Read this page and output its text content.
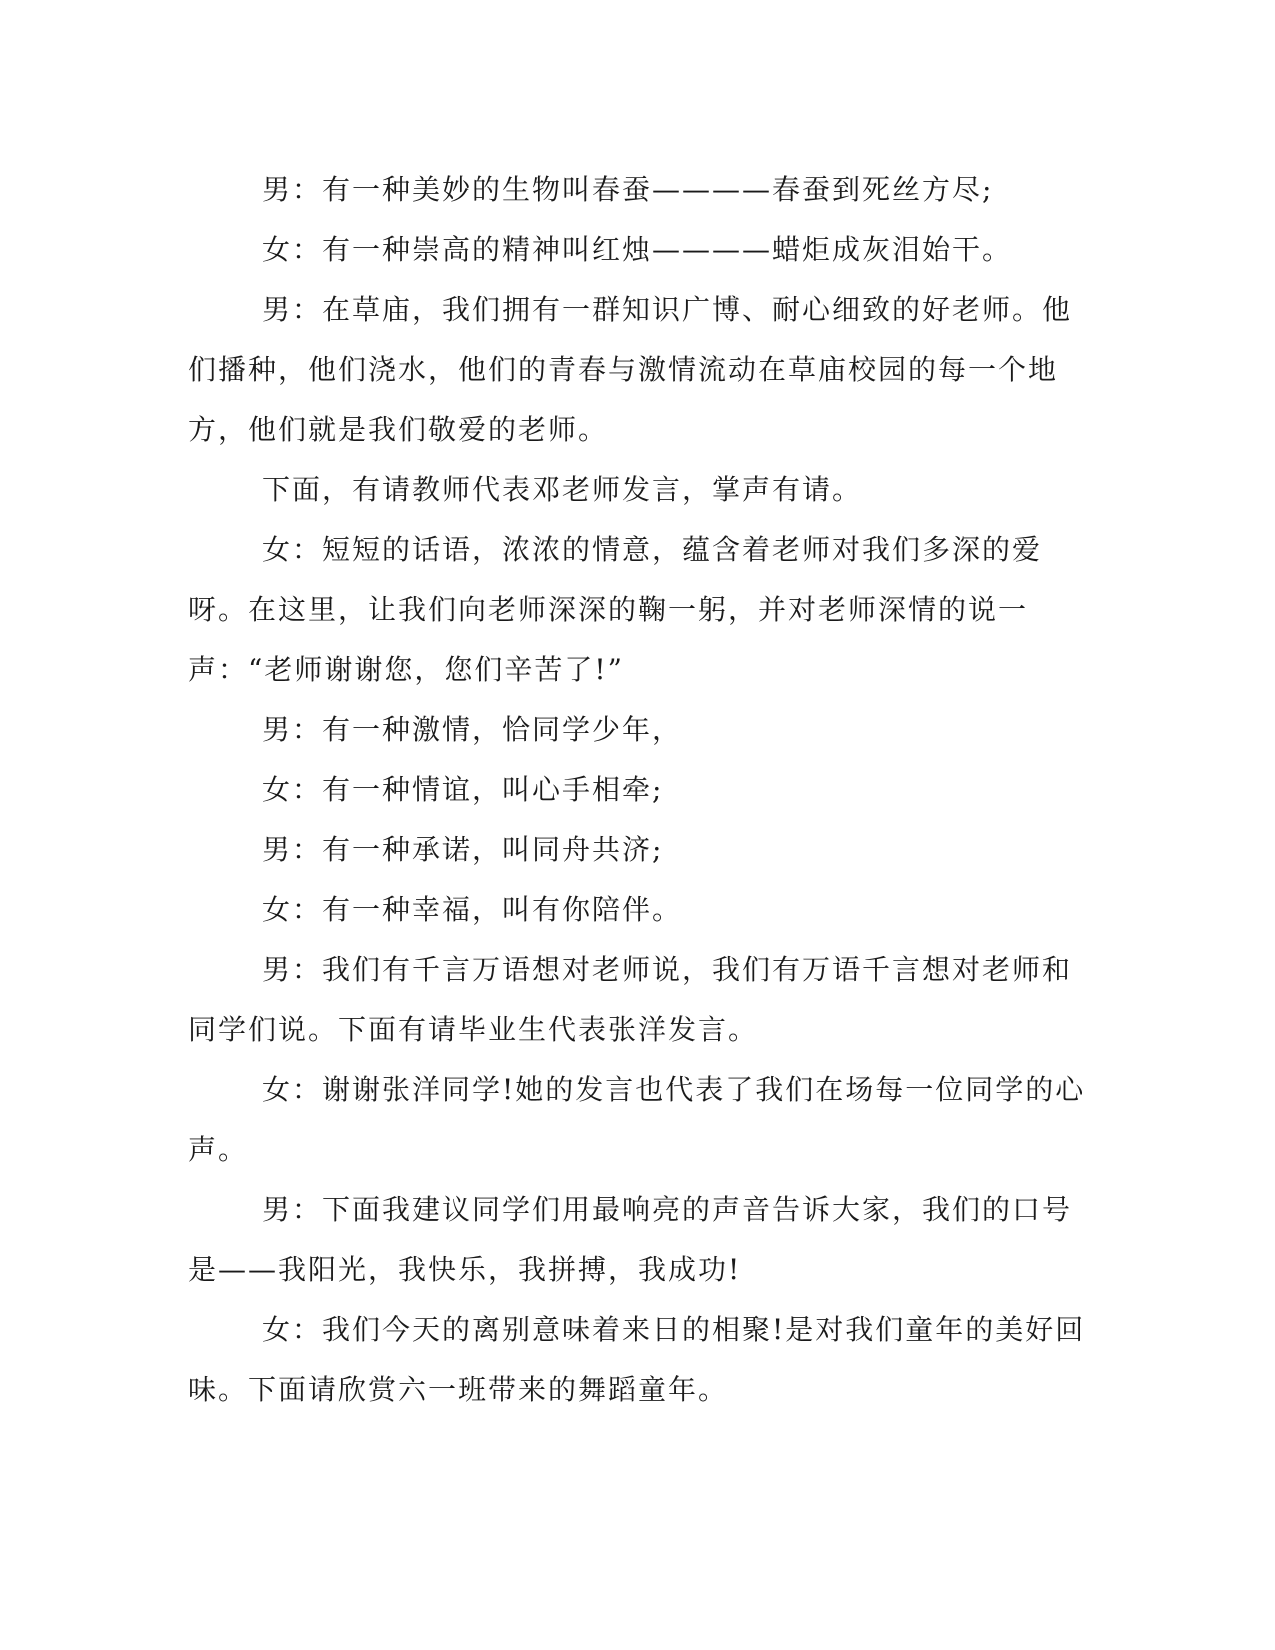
男：有一种美妙的生物叫春蚕————春蚕到死丝方尽;

女：有一种崇高的精神叫红烛————蜡炬成灰泪始干。

男：在草庙，我们拥有一群知识广博、耐心细致的好老师。他们播种，他们浇水，他们的青春与激情流动在草庙校园的每一个地方，他们就是我们敬爱的老师。

下面，有请教师代表邓老师发言，掌声有请。

女：短短的话语，浓浓的情意，蕴含着老师对我们多深的爱呀。在这里，让我们向老师深深的鞠一躬，并对老师深情的说一声：“老师谢谢您，您们辛苦了!”

男：有一种激情，恰同学少年，

女：有一种情谊，叫心手相牵;

男：有一种承诺，叫同舟共济;

女：有一种幸福，叫有你陪伴。

男：我们有千言万语想对老师说，我们有万语千言想对老师和同学们说。下面有请毕业生代表张洋发言。

女：谢谢张洋同学!她的发言也代表了我们在场每一位同学的心声。

男：下面我建议同学们用最响亮的声音告诉大家，我们的口号是——我阳光，我快乐，我拼搏，我成功!

女：我们今天的离别意味着来日的相聚!是对我们童年的美好回味。下面请欣赏六一班带来的舞蹈童年。
